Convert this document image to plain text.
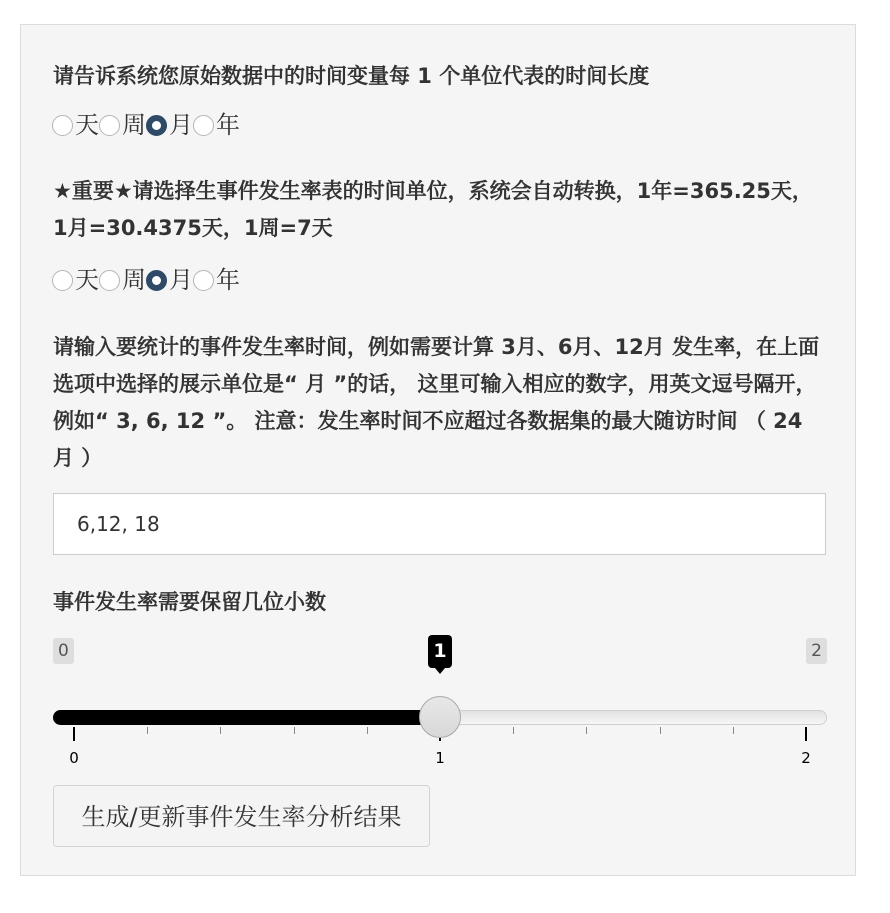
请告诉系统您原始数据中的时间变量每 1 个单位代表的时间长度
天 周 月 年
★重要★请选择生事件发生率表的时间单位，系统会自动转换，1年=365.25天，1月=30.4375天，1周=7天
天 周 月 年
请输入要统计的事件发生率时间，例如需要计算 3月、6月、12月 发生率，在上面选项中选择的展示单位是“ 月 ”的话， 这里可输入相应的数字，用英文逗号隔开，例如“ 3, 6, 12 ”。 注意：发生率时间不应超过各数据集的最大随访时间 （ 24 月 ）
6,12, 18
事件发生率需要保留几位小数
0	2
1
0	1	2
生成/更新事件发生率分析结果
